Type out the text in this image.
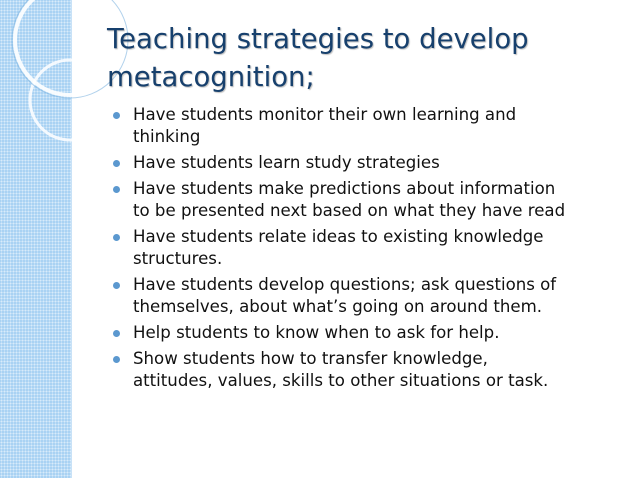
Teaching strategies to develop
metacognition;
Have students monitor their own learning and
thinking
Have students learn study strategies
Have students make predictions about information
to be presented next based on what they have read
Have students relate ideas to existing knowledge
structures.
Have students develop questions; ask questions of
themselves, about what’s going on around them.
Help students to know when to ask for help.
Show students how to transfer knowledge,
attitudes, values, skills to other situations or task.
